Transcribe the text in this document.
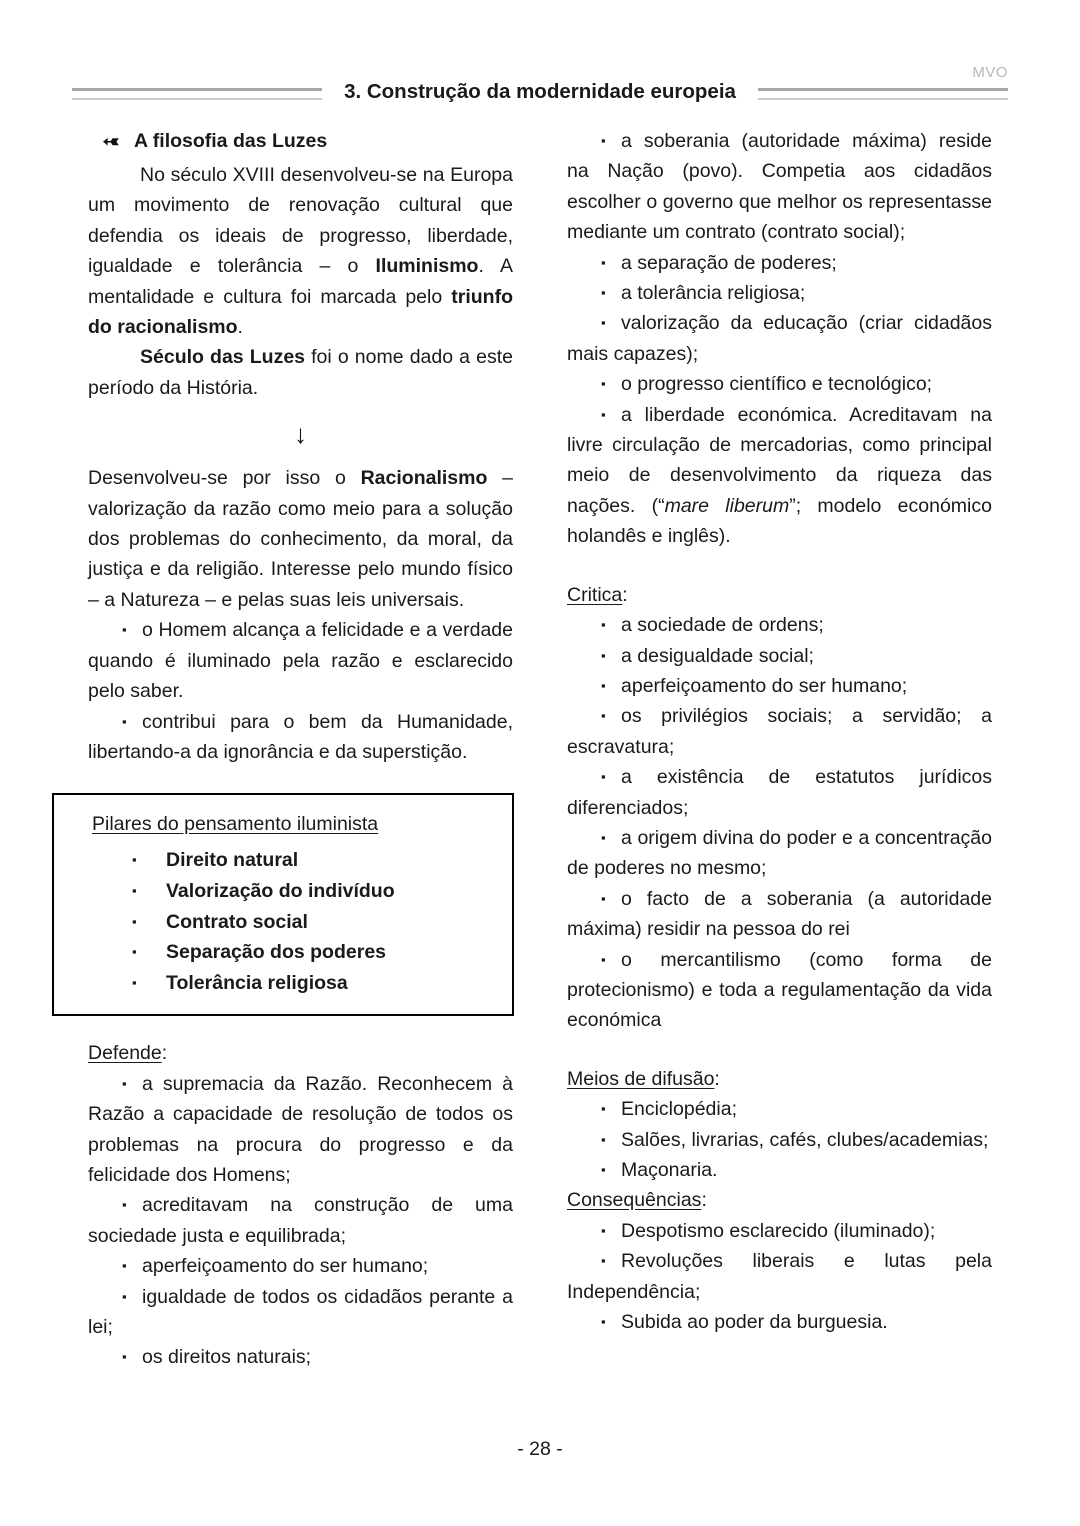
MVO
3. Construção da modernidade europeia
➳ A filosofia das Luzes

No século XVIII desenvolveu-se na Europa um movimento de renovação cultural que defendia os ideais de progresso, liberdade, igualdade e tolerância – o Iluminismo. A mentalidade e cultura foi marcada pelo triunfo do racionalismo.

Século das Luzes foi o nome dado a este período da História.

↓

Desenvolveu-se por isso o Racionalismo – valorização da razão como meio para a solução dos problemas do conhecimento, da moral, da justiça e da religião. Interesse pelo mundo físico – a Natureza – e pelas suas leis universais.

▪o Homem alcança a felicidade e a verdade quando é iluminado pela razão e esclarecido pelo saber.

▪contribui para o bem da Humanidade, libertando-a da ignorância e da superstição.

Pilares do pensamento iluminista
▪ Direito natural
▪ Valorização do indivíduo
▪ Contrato social
▪ Separação dos poderes
▪ Tolerância religiosa

Defende:

▪a supremacia da Razão. Reconhecem à Razão a capacidade de resolução de todos os problemas na procura do progresso e da felicidade dos Homens;

▪acreditavam na construção de uma sociedade justa e equilibrada;

▪aperfeiçoamento do ser humano;

▪igualdade de todos os cidadãos perante a lei;

▪os direitos naturais;

▪a soberania (autoridade máxima) reside na Nação (povo). Competia aos cidadãos escolher o governo que melhor os representasse mediante um contrato (contrato social);

▪a separação de poderes;

▪a tolerância religiosa;

▪valorização da educação (criar cidadãos mais capazes);

▪o progresso científico e tecnológico;

▪a liberdade económica. Acreditavam na livre circulação de mercadorias, como principal meio de desenvolvimento da riqueza das nações. (“mare liberum”; modelo económico holandês e inglês).

Critica:

▪a sociedade de ordens;

▪a desigualdade social;

▪aperfeiçoamento do ser humano;

▪os privilégios sociais; a servidão; a escravatura;

▪a existência de estatutos jurídicos diferenciados;

▪a origem divina do poder e a concentração de poderes no mesmo;

▪o facto de a soberania (a autoridade máxima) residir na pessoa do rei

▪o mercantilismo (como forma de protecionismo) e toda a regulamentação da vida económica

Meios de difusão:

▪Enciclopédia;

▪Salões, livrarias, cafés, clubes/academias;

▪Maçonaria.

Consequências:

▪Despotismo esclarecido (iluminado);

▪Revoluções liberais e lutas pela Independência;

▪Subida ao poder da burguesia.

- 28 -
